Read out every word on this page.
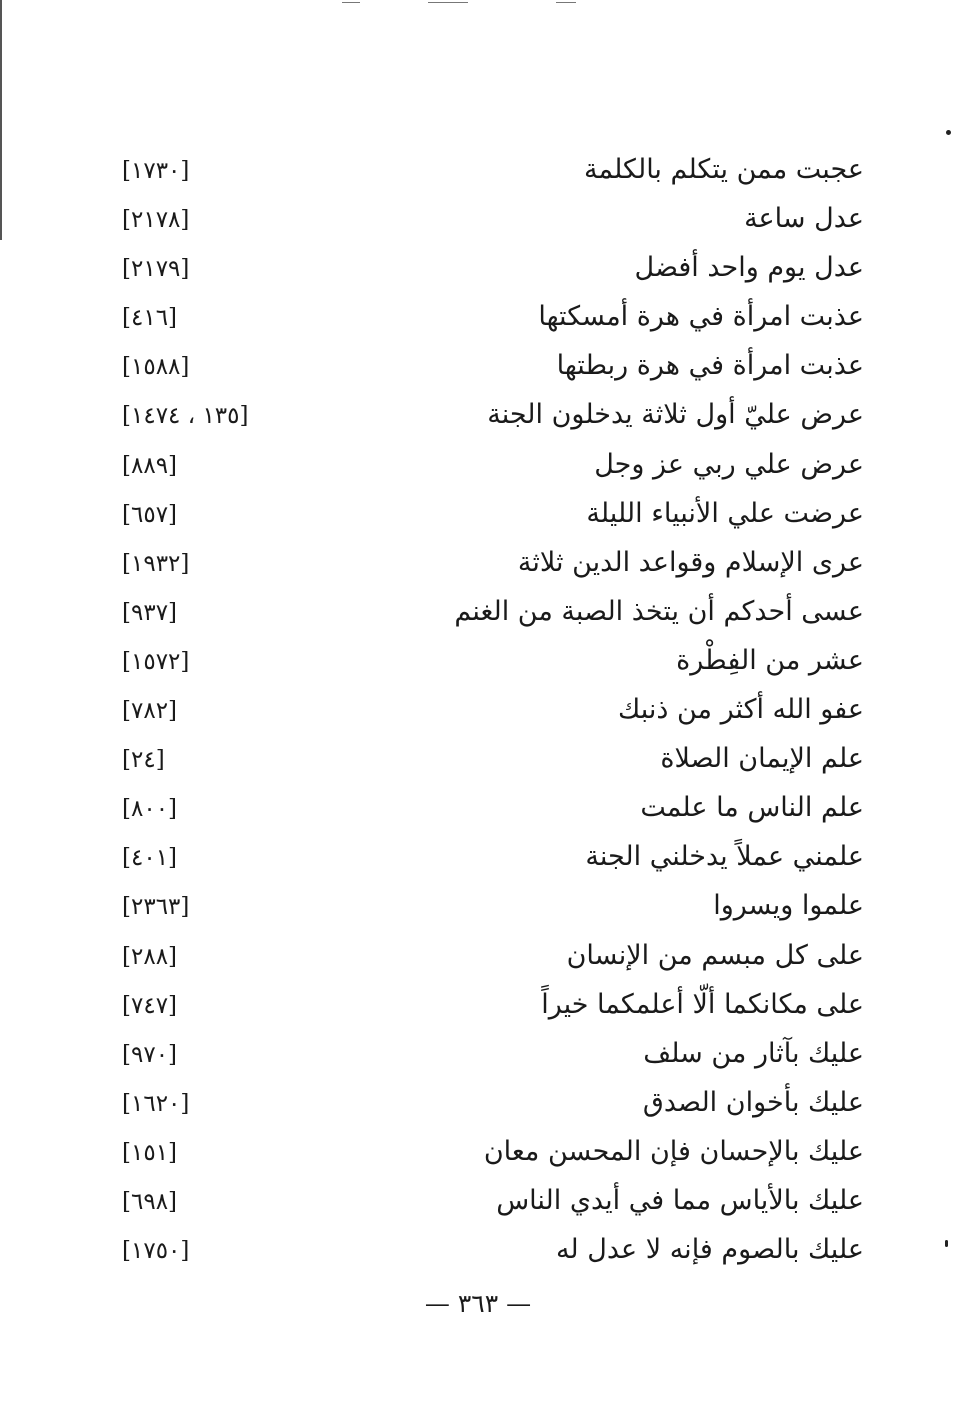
عجبت ممن يتكلم بالكلمة
[١٧٣٠]
عدل ساعة
[٢١٧٨]
عدل يوم واحد أفضل
[٢١٧٩]
عذبت امرأة في هرة أمسكتها
[٤١٦]
عذبت امرأة في هرة ربطتها
[١٥٨٨]
عرض عليّ أول ثلاثة يدخلون الجنة
[١٣٥ ، ١٤٧٤]
عرض علي ربي عز وجل
[٨٨٩]
عرضت علي الأنبياء الليلة
[٦٥٧]
عرى الإسلام وقواعد الدين ثلاثة
[١٩٣٢]
عسى أحدكم أن يتخذ الصبة من الغنم
[٩٣٧]
عشر من الفِطْرة
[١٥٧٢]
عفو الله أكثر من ذنبك
[٧٨٢]
علم الإيمان الصلاة
[٢٤]
علم الناس ما علمت
[٨٠٠]
علمني عملاً يدخلني الجنة
[٤٠١]
علموا ويسروا
[٢٣٦٣]
على كل مبسم من الإنسان
[٢٨٨]
على مكانكما ألّا أعلمكما خيراً
[٧٤٧]
عليك بآثار من سلف
[٩٧٠]
عليك بأخوان الصدق
[١٦٢٠]
عليك بالإحسان فإن المحسن معان
[١٥١]
عليك بالأياس مما في أيدي الناس
[٦٩٨]
عليك بالصوم فإنه لا عدل له
[١٧٥٠]
— ٣٦٣ —
